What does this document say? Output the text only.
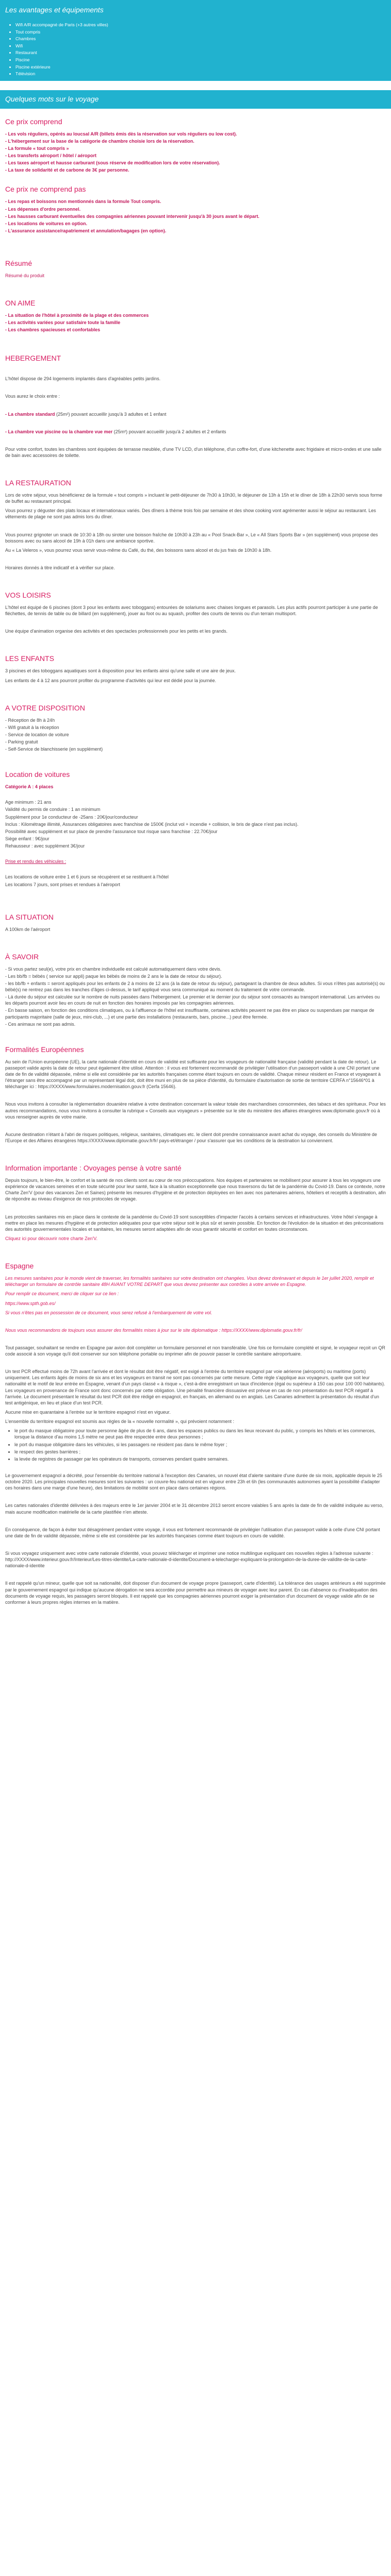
Les avantages et équipements
• Wifi A/R accompagné de Paris (+3 autres villes)
• Tout compris
• Chambres
• Wifi
• Restaurant
• Piscine
• Piscine extérieure
• Télévision
Quelques mots sur le voyage
Ce prix comprend
- Les vols réguliers, opérés au loucsal A/R (billets émis dès la réservation sur vols réguliers ou low cost).
- L'hébergement sur la base de la catégorie de chambre choisie lors de la réservation.
- La formule « tout compris »
- Les transferts aéroport / hôtel / aéroport
- Les taxes aéroport et hausse carburant (sous réserve de modification lors de votre réservation).
- La taxe de solidarité et de carbone de 3€ par personne.
Ce prix ne comprend pas
- Les repas et boissons non mentionnés dans la formule Tout compris.
- Les dépenses d'ordre personnel.
- Les hausses carburant éventuelles des compagnies aériennes pouvant intervenir jusqu'à 30 jours avant le départ.
- Les locations de voitures en option.
- L'assurance assistance/rapatriement et annulation/bagages (en option).
Résumé

Résumé du produit

ON AIME
- La situation de l'hôtel à proximité de la plage et des commerces
- Les activités variées pour satisfaire toute la famille
- Les chambres spacieuses et confortables
HEBERGEMENT

L'hôtel dispose de 294 logements implantés dans d'agréables petits jardins.

Vous aurez le choix entre :

- La chambre standard (25m²) pouvant accueillir jusqu'à 3 adultes et 1 enfant

- La chambre vue piscine ou la chambre vue mer (25m²) pouvant accueillir jusqu'à 2 adultes et 2 enfants

Pour votre confort, toutes les chambres sont équipées de terrasse meublée, d'une TV LCD, d'un téléphone, d'un coffre-fort, d'une kitchenette avec frigidaire et micro-ondes et une salle de bain avec accessoires de toilette.

LA RESTAURATION

Lors de votre séjour, vous bénéficierez de la formule « tout compris » incluant le petit-déjeuner de 7h30 à 10h30, le déjeuner de 13h à 15h et le dîner de 18h à 22h30 servis sous forme de buffet au restaurant principal.

Vous pourrez y déguster des plats locaux et internationaux variés. Des dîners à thème trois fois par semaine et des show cooking vont agrémenter aussi le séjour au restaurant. Les vêtements de plage ne sont pas admis lors du dîner.

Vous pourrez grignoter un snack de 10:30 à 18h ou siroter une boisson fraîche de 10h30 à 23h au « Pool Snack-Bar », Le « All Stars Sports Bar » (en supplément) vous propose des boissons avec ou sans alcool de 19h à 01h dans une ambiance sportive.

Au « La Veleros », vous pourrez vous servir vous-même du Café, du thé, des boissons sans alcool et du jus frais de 10h30 à 18h.

Horaires donnés à titre indicatif et à vérifier sur place.

VOS LOISIRS

L'hôtel est équipé de 6 piscines (dont 3 pour les enfants avec toboggans) entourées de solariums avec chaises longues et parasols. Les plus actifs pourront participer à une partie de fléchettes, de tennis de table ou de billard (en supplément), jouer au foot ou au squash, profiter des courts de tennis ou d'un terrain multisport.

Une équipe d'animation organise des activités et des spectacles professionnels pour les petits et les grands.

LES ENFANTS

3 piscines et des toboggans aquatiques sont à disposition pour les enfants ainsi qu'une salle et une aire de jeux.

Les enfants de 4 à 12 ans pourront profiter du programme d'activités qui leur est dédié pour la journée.

A VOTRE DISPOSITION
- Réception de 8h à 24h
- Wifi gratuit à la réception
- Service de location de voiture
- Parking gratuit
- Self-Service de blanchisserie (en supplément)
Location de voitures

Catégorie A : 4 places

Age minimum : 21 ans
Validité du permis de conduire : 1 an minimum
Supplément pour 1e conducteur de -25ans : 20€/jour/conducteur
Inclus : Kilométrage illimité, Assurances obligatoires avec franchise de 1500€ (inclut vol + incendie + collision, le bris de glace n'est pas inclus).
Possibilité avec supplément et sur place de prendre l'assurance tout risque sans franchise : 22.70€/jour
Siège enfant : 9€/jour
Rehausseur : avec supplément 3€/jour

Prise et rendu des véhicules :

Les locations de voiture entre 1 et 6 jours se récupèrent et se restituent à l'hôtel
Les locations 7 jours, sont prises et rendues à l'aéroport
LA SITUATION

A 100km de l'aéroport

À SAVOIR
- Si vous partez seul(e), votre prix en chambre individuelle est calculé automatiquement dans votre devis.
- Les bb/fb = bébés ( service sur appli) paque les bébés de moins de 2 ans le la date de retour du séjour).
- les bb/fb + enfants = seront appliqués pour les enfants de 2 à moins de 12 ans (à la date de retour du séjour), partageant la chambre de deux adultes. Si vous n'êtes pas autorisé(s) ou bébé(s) ne rentrez pas dans les tranches d'âges ci-dessus, le tarif appliqué vous sera communiqué au moment du traitement de votre commande.
- Lá durée du séjour est calculée sur le nombre de nuits passées dans l'hébergement. Le premier et le dernier jour du séjour sont consacrés au transport international. Les arrivées ou les départs pourront avoir lieu en cours de nuit en fonction des horaires imposés par les compagnies aériennes.
- En basse saison, en fonction des conditions climatiques, ou à l'affluence de l'hôtel est insuffisante, certaines activités peuvent ne pas être en place ou suspendues par manque de participants majoritaire (salle de jeux, mini-club, ...) et une partie des installations (restaurants, bars, piscine...) peut être fermée.
- Ces animaux ne sont pas admis.
Formalités Européennes

Au sein de l'Union européenne (UE), la carte nationale d'identité en cours de validité est suffisante pour les voyageurs de nationalité française (validité pendant la date de retour). Le passeport valide après la date de retour peut également être utilisé. Attention : il vous est fortement recommandé de privilégier l'utilisation d'un passeport valide à une CNI portant une date de fin de validité dépassée, même si elle est considérée par les autorités françaises comme étant toujours en cours de validité. Chaque mineur résident en France et voyageant à l'étranger sans être accompagné par un représentant légal doit, doit être muni en plus de sa pièce d'identité, du formulaire d'autorisation de sortie de territoire CERFA n°15646*01 à télécharger ici : https://XXXX/www.formulaires.modernisation.gouv.fr (Cerfa 15646).

Nous vous invitons à consulter la réglementation douanière relative à votre destination concernant la valeur totale des marchandises consommées, des tabacs et des spiritueux. Pour les autres recommandations, nous vous invitons à consulter la rubrique « Conseils aux voyageurs » présentée sur le site du ministère des affaires étrangères www.diplomatie.gouv.fr où à vous renseigner auprès de votre mairie.

Aucune destination n'étant à l'abri de risques politiques, religieux, sanitaires, climatiques etc. le client doit prendre connaissance avant achat du voyage, des conseils du Ministère de l'Europe et des Affaires étrangères https://XXXX/www.diplomatie.gouv.fr/fr/ pays-et/étranger / pour s'assurer que les conditions de la destination lui conviennent.

Information importante : Ovoyages pense à votre santé

Depuis toujours, le bien-être, le confort et la santé de nos clients sont au cœur de nos préoccupations. Nos équipes et partenaires se mobilisent pour assurer à tous les voyageurs une expérience de vacances sereines et en toute sécurité pour leur santé, face à la situation exceptionnelle que nous traversons du fait de la pandémie du Covid-19. Dans ce contexte, notre Charte Zen'V (pour des vacances Zen et Saines) présente les mesures d'hygiène et de protection déployées en lien avec nos partenaires aériens, hôteliers et receptifs à destination, afin de répondre au niveau d'exigence de nos protocoles de voyage.

Les protocoles sanitaires mis en place dans le contexte de la pandémie du Covid-19 sont susceptibles d'impacter l'accès à certains services et infrastructures. Votre hôtel s'engage à mettre en place les mesures d'hygiène et de protection adéquates pour que votre séjour soit le plus sûr et serein possible. En fonction de l'évolution de la situation et des préconisations des autorités gouvernementales locales et sanitaires, les mesures seront adaptées afin de vous garantir sécurité et confort en toutes circonstances.

Cliquez ici pour découvrir notre charte Zen'V.

Espagne

Les mesures sanitaires pour le monde vient de traverser, les formalités sanitaires sur votre destination ont changées. Vous devez dorénavant et depuis le 1er juillet 2020, remplir et télécharger un formulaire de contrôle sanitaire 48H AVANT VOTRE DEPART que vous devrez présenter aux contrôles à votre arrivée en Espagne.

Pour remplir ce document, merci de cliquer sur ce lien :

https://www.spth.gob.es/

Si vous n'êtes pas en possession de ce document, vous serez refusé à l'embarquement de votre vol.

Nous vous recommandons de toujours vous assurer des formalités mises à jour sur le site diplomatique : https://XXXX/www.diplomatie.gouv.fr/fr/

Tout passager, souhaitant se rendre en Espagne par avion doit compléter un formulaire personnel et non transférable. Une fois ce formulaire complété et signé, le voyageur reçoit un QR code associé à son voyage qu'il doit conserver sur son téléphone portable ou imprimer afin de pouvoir passer le contrôle sanitaire aéroportuaire.

Un test PCR effectué moins de 72h avant l'arrivée et dont le résultat doit être négatif, est exigé à l'entrée du territoire espagnol par voie aérienne (aéroports) ou maritime (ports) uniquement. Les enfants âgés de moins de six ans et les voyageurs en transit ne sont pas concernés par cette mesure. Cette règle s'applique aux voyageurs, quelle que soit leur nationalité et le motif de leur entrée en Espagne, venant d'un pays classé « à risque », c'est-à-dire enregistrant un taux d'incidence (égal ou supérieur à 150 cas pour 100 000 habitants). Les voyageurs en provenance de France sont donc concernés par cette obligation. Une pénalité financière dissuasive est prévue en cas de non présentation du test PCR négatif à l'arrivée. Le document présentant le résultat du test PCR doit être rédigé en espagnol, en français, en allemand ou en anglais. Les Canaries admettent la présentation du résultat d'un test antigénique, en lieu et place d'un test PCR.

Aucune mise en quarantaine à l'entrée sur le territoire espagnol n'est en vigueur.

L'ensemble du territoire espagnol est soumis aux règles de la « nouvelle normalité », qui prévoient notamment :

• le port du masque obligatoire pour toute personne âgée de plus de 6 ans, dans les espaces publics ou dans les lieux recevant du public, y compris les hôtels et les commerces, lorsque la distance d'au moins 1,5 mètre ne peut pas être respectée entre deux personnes ;
• le port du masque obligatoire dans les véhicules, si les passagers ne résident pas dans le même foyer ;
• le respect des gestes barrières ;
• la levée de registres de passager par les opérateurs de transports, conserves pendant quatre semaines.

Le gouvernement espagnol a décrété, pour l'ensemble du territoire national à l'exception des Canaries, un nouvel état d'alerte sanitaire d'une durée de six mois, applicable depuis le 25 octobre 2020. Les principales nouvelles mesures sont les suivantes : un couvre-feu national est en vigueur entre 23h et 6h (les communautés autonomes ayant la possibilité d'adapter ces horaires dans une marge d'une heure), des limitations de mobilité sont en place dans certaines régions.

Les cartes nationales d'identité délivrées à des majeurs entre le 1er janvier 2004 et le 31 décembre 2013 seront encore valables 5 ans après la date de fin de validité indiquée au verso, mais aucune modification matérielle de la carte plastifiée n'en atteste.

En conséquence, de façon à éviter tout désagrément pendant votre voyage, il vous est fortement recommandé de privilégier l'utilisation d'un passeport valide à celle d'une CNI portant une date de fin de validité dépassée, même si elle est considérée par les autorités françaises comme étant toujours en cours de validité.

Si vous voyagez uniquement avec votre carte nationale d'identité, vous pouvez télécharger et imprimer une notice multilingue expliquant ces nouvelles règles à l'adresse suivante : http://XXXX/www.interieur.gouv.fr/Interieur/Les-titres-identite/La-carte-nationale-d-identite/Document-a-telecharger-expliquant-la-prolongation-de-la-duree-de-validite-de-la-carte-nationale-d-identite

Il est rappelé qu'un mineur, quelle que soit sa nationalité, doit disposer d'un document de voyage propre (passeport, carte d'identité). La tolérance des usages antérieurs a été supprimée par le gouvernement espagnol qui indique qu'aucune dérogation ne sera accordée pour permettre aux mineurs de voyager avec leur parent. En cas d'absence ou d'inadéquation des documents de voyage requis, les passagers seront bloqués. Il est rappelé que les compagnies aériennes pourront exiger la présentation d'un document de voyage valide afin de se conformer à leurs propres règles internes en la matière.
